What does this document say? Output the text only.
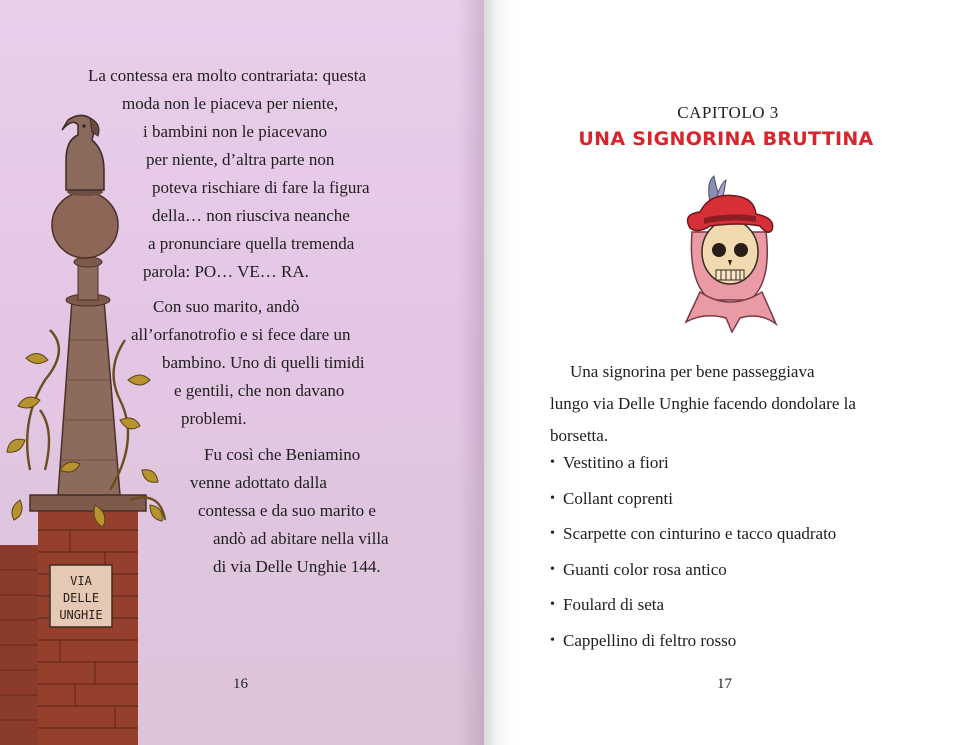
VIA
DELLE
UNGHIE
La contessa era molto contrariata: questa
moda non le piaceva per niente,
i bambini non le piacevano
per niente, d’altra parte non
poteva rischiare di fare la figura
della… non riusciva neanche
a pronunciare quella tremenda
parola: PO… VE… RA.
Con suo marito, andò
all’orfanotrofio e si fece dare un
bambino. Uno di quelli timidi
e gentili, che non davano
problemi.
Fu così che Beniamino
venne adottato dalla
contessa e da suo marito e
andò ad abitare nella villa
di via Delle Unghie 144.
16
CAPITOLO 3
UNA SIGNORINA BRUTTINA
Una signorina per bene passeggiava
lungo via Delle Unghie facendo dondolare la
borsetta.
• Vestitino a fiori
• Collant coprenti
• Scarpette con cinturino e tacco quadrato
• Guanti color rosa antico
• Foulard di seta
• Cappellino di feltro rosso
17
